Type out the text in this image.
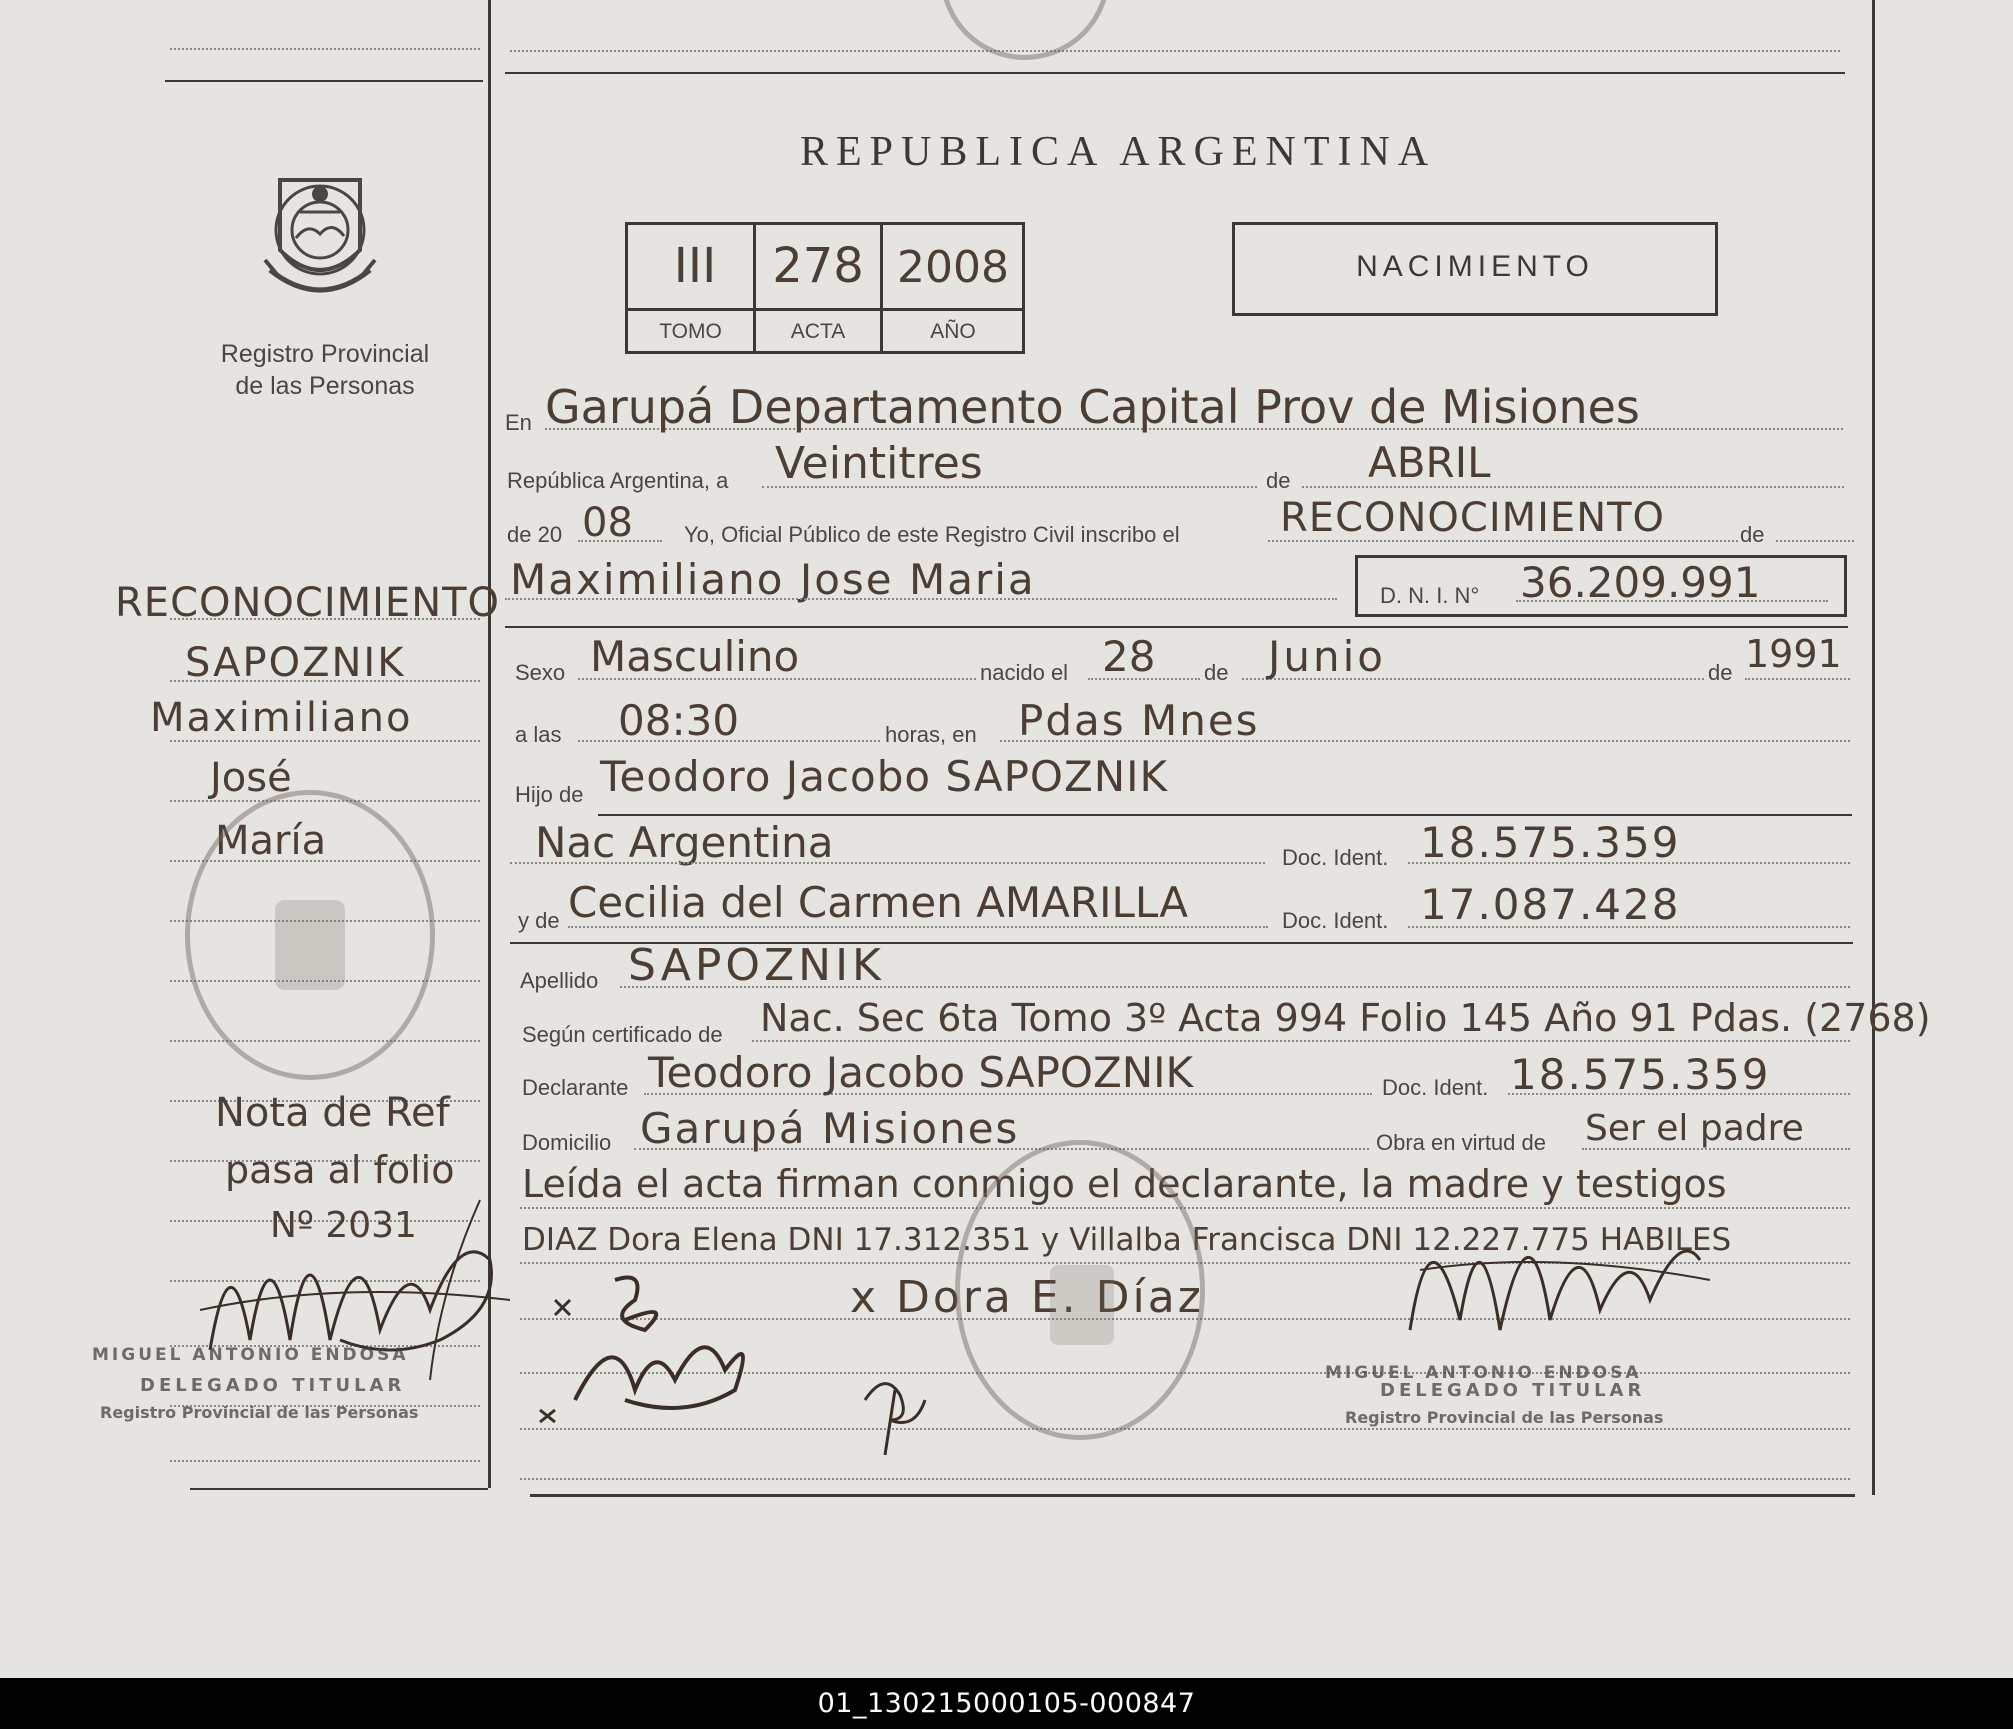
Registro Provincial
de las Personas
RECONOCIMIENTO
SAPOZNIK
Maximiliano
José
María
Nota de Ref
pasa al folio
Nº 2031
MIGUEL ANTONIO ENDOSA
DELEGADO TITULAR
Registro Provincial de las Personas
REPUBLICA ARGENTINA
III	278 2008
TOMO	ACTA	AÑO
NACIMIENTO
En Garupá Departamento Capital Prov de Misiones
República Argentina, a Veintitres	de ABRIL
de 20 08 Yo, Oficial Público de este Registro Civil inscribo el	RECONOCIMIENTO	de
Maximiliano Jose Maria	D. N. I. N° 36.209.991
Sexo Masculino	nacido el 28 de Junio	de 1991
a las 08:30	horas, en Pdas Mnes
Hijo de Teodoro Jacobo SAPOZNIK
Nac Argentina	Doc. Ident. 18.575.359
y de Cecilia del Carmen AMARILLA	Doc. Ident. 17.087.428
Apellido SAPOZNIK
Según certificado de Nac. Sec 6ta Tomo 3º Acta 994 Folio 145 Año 91 Pdas. (2768)
Declarante Teodoro Jacobo SAPOZNIK	Doc. Ident. 18.575.359
Domicilio Garupá Misiones	Obra en virtud de Ser el padre
Leída el acta firman conmigo el declarante, la madre y testigos
DIAZ Dora Elena DNI 17.312.351 y Villalba Francisca DNI 12.227.775 HABILES
x Dora E. Díaz
MIGUEL ANTONIO ENDOSA
DELEGADO TITULAR
Registro Provincial de las Personas
01_130215000105-000847
